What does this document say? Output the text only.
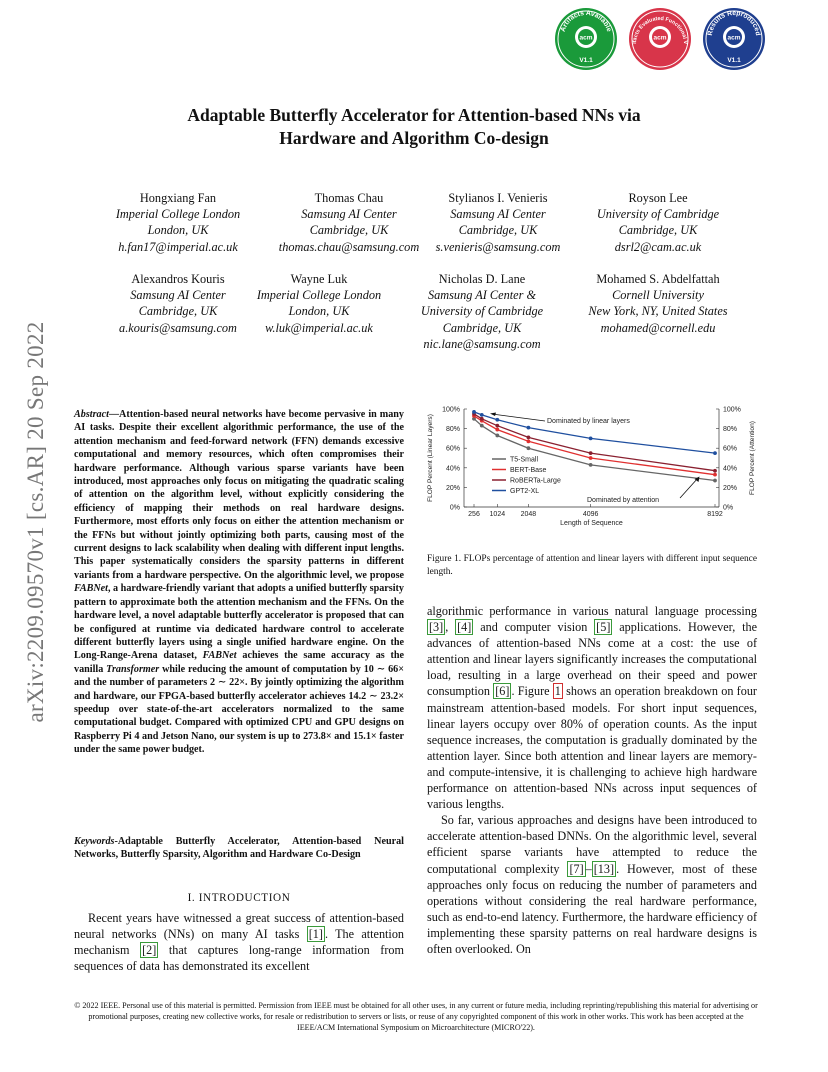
acm
Artifacts Available
V1.1
acm
ifacts Evaluated Functional V
acm
Results Reproduced
V1.1
arXiv:2209.09570v1 [cs.AR] 20 Sep 2022
Adaptable Butterfly Accelerator for Attention-based NNs via
Hardware and Algorithm Co-design
Hongxiang Fan
Imperial College London
London, UK
h.fan17@imperial.ac.uk
Thomas Chau
Samsung AI Center
Cambridge, UK
thomas.chau@samsung.com
Stylianos I. Venieris
Samsung AI Center
Cambridge, UK
s.venieris@samsung.com
Royson Lee
University of Cambridge
Cambridge, UK
dsrl2@cam.ac.uk
Alexandros Kouris
Samsung AI Center
Cambridge, UK
a.kouris@samsung.com
Wayne Luk
Imperial College London
London, UK
w.luk@imperial.ac.uk
Nicholas D. Lane
Samsung AI Center &
University of Cambridge
Cambridge, UK
nic.lane@samsung.com
Mohamed S. Abdelfattah
Cornell University
New York, NY, United States
mohamed@cornell.edu
Abstract—Attention-based neural networks have become pervasive in many AI tasks. Despite their excellent algorithmic performance, the use of the attention mechanism and feed-forward network (FFN) demands excessive computational and memory resources, which often compromises their hardware performance. Although various sparse variants have been introduced, most approaches only focus on mitigating the quadratic scaling of attention on the algorithm level, without explicitly considering the efficiency of mapping their methods on real hardware designs. Furthermore, most efforts only focus on either the attention mechanism or the FFNs but without jointly optimizing both parts, causing most of the current designs to lack scalability when dealing with different input lengths. This paper systematically considers the sparsity patterns in different variants from a hardware perspective. On the algorithmic level, we propose FABNet, a hardware-friendly variant that adopts a unified butterfly sparsity pattern to approximate both the attention mechanism and the FFNs. On the hardware level, a novel adaptable butterfly accelerator is proposed that can be configured at runtime via dedicated hardware control to accelerate different butterfly layers using a single unified hardware engine. On the Long-Range-Arena dataset, FABNet achieves the same accuracy as the vanilla Transformer while reducing the amount of computation by 10 ∼ 66× and the number of parameters 2 ∼ 22×. By jointly optimizing the algorithm and hardware, our FPGA-based butterfly accelerator achieves 14.2 ∼ 23.2× speedup over state-of-the-art accelerators normalized to the same computational budget. Compared with optimized CPU and GPU designs on Raspberry Pi 4 and Jetson Nano, our system is up to 273.8× and 15.1× faster under the same power budget.
Keywords-Adaptable Butterfly Accelerator, Attention-based Neural Networks, Butterfly Sparsity, Algorithm and Hardware Co-Design
I. INTRODUCTION
Recent years have witnessed a great success of attention-based neural networks (NNs) on many AI tasks [1] . The attention mechanism [2] that captures long-range information from sequences of data has demonstrated its excellent
0%
20%
40%
60%
80%
100%	100%
80%
60%
40%
20%
0%
256 1024 2048	4096	8192
Length of Sequence
FLOP Percent (Linear Layers)	FLOP Percent (Attention)
T5-Small
BERT-Base
RoBERTa-Large
GPT2-XL
Dominated by linear layers
Dominated by attention
Figure 1. FLOPs percentage of attention and linear layers with different input sequence length.
algorithmic performance in various natural language processing [3] , [4] and computer vision [5] applications. However, the advances of attention-based NNs come at a cost: the use of attention and linear layers significantly increases the computational load, resulting in a large overhead on their speed and power consumption [6] . Figure 1 shows an operation breakdown on four mainstream attention-based models. For short input sequences, linear layers occupy over 80% of operation counts. As the input sequence increases, the computation is gradually dominated by the attention layer. Since both attention and linear layers are memory- and compute-intensive, it is challenging to achieve high hardware performance on attention-based NNs across input sequences of various lengths.
So far, various approaches and designs have been introduced to accelerate attention-based DNNs. On the algorithmic level, several efficient sparse variants have attempted to reduce the computational complexity [7] – [13] . However, most of these approaches only focus on reducing the number of parameters and operations without considering the real hardware performance, such as end-to-end latency. Furthermore, the hardware efficiency of implementing these sparsity patterns on real hardware designs is often overlooked. On
© 2022 IEEE. Personal use of this material is permitted. Permission from IEEE must be obtained for all other uses, in any current or future media, including reprinting/republishing this material for advertising or promotional purposes, creating new collective works, for resale or redistribution to servers or lists, or reuse of any copyrighted component of this work in other works. This work has been accepted at the IEEE/ACM International Symposium on Microarchitecture (MICRO'22).
